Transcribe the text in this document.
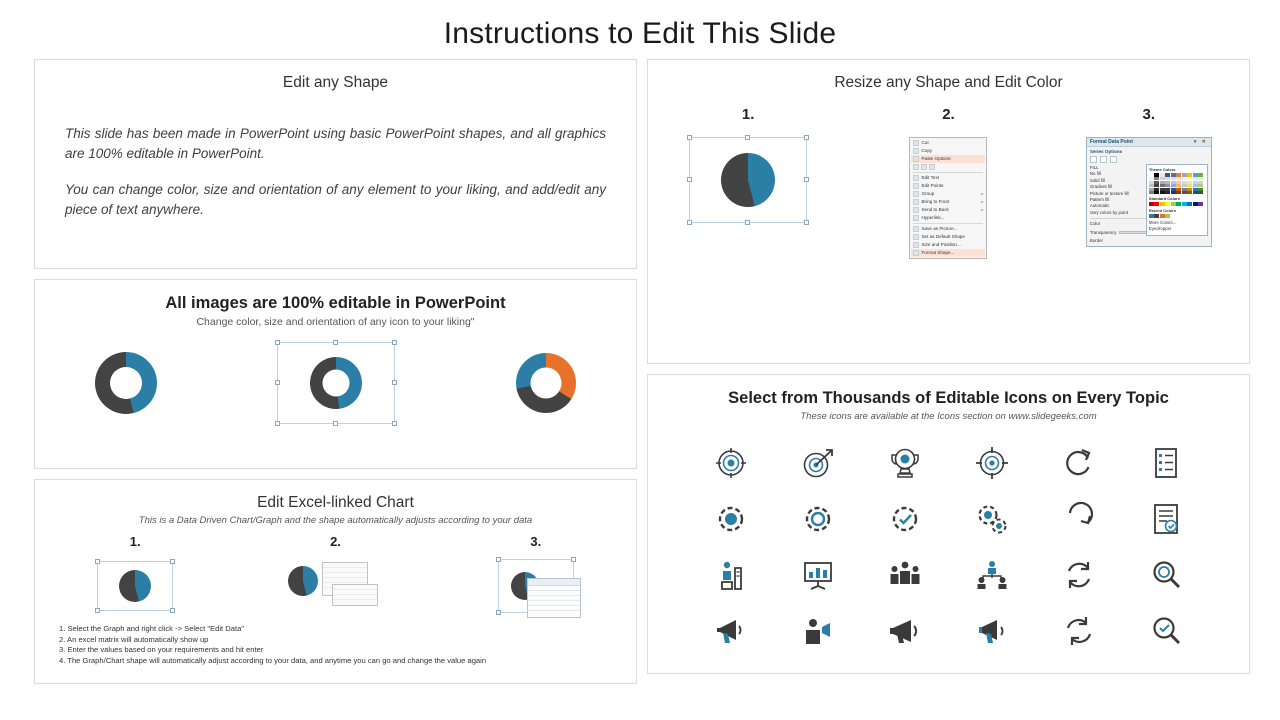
Instructions to Edit This Slide
Edit any Shape

This slide has been made in PowerPoint using basic PowerPoint shapes, and all graphics are 100% editable in PowerPoint.

You can change color, size and orientation of any element to your liking, and add/edit any piece of text anywhere.

All images are 100% editable in PowerPoint
Change color, size and orientation of any icon to your liking"
Edit Excel-linked Chart
This is a Data Driven Chart/Graph and the shape automatically adjusts according to your data
1.	2.	3.
1. Select the Graph and right click -> Select "Edit Data"
2. An excel matrix will automatically show up
3. Enter the values based on your requirements and hit enter
4. The Graph/Chart shape will automatically adjust according to your data, and anytime you can go and change the value again
Resize any Shape and Edit Color
1.	2.
Cut
Copy
Paste Options:
Edit Text
Edit Points
Group	▸
Bring to Front	▸
Send to Back	▸
Hyperlink...
Save as Picture...
Set as Default Shape
Size and Position...
Format Shape...
3.
Format Data Point	▾ ✕
Series Options
FILL
No fill
Solid fill
Gradient fill
Picture or texture fill
Pattern fill
Automatic
Vary colors by point
Color
Transparency
Border
Theme Colors
Standard Colors
Recent Colors
More Colors...
Eyedropper
Select from Thousands of Editable Icons on Every Topic
These icons are available at the Icons section on www.slidegeeks.com
